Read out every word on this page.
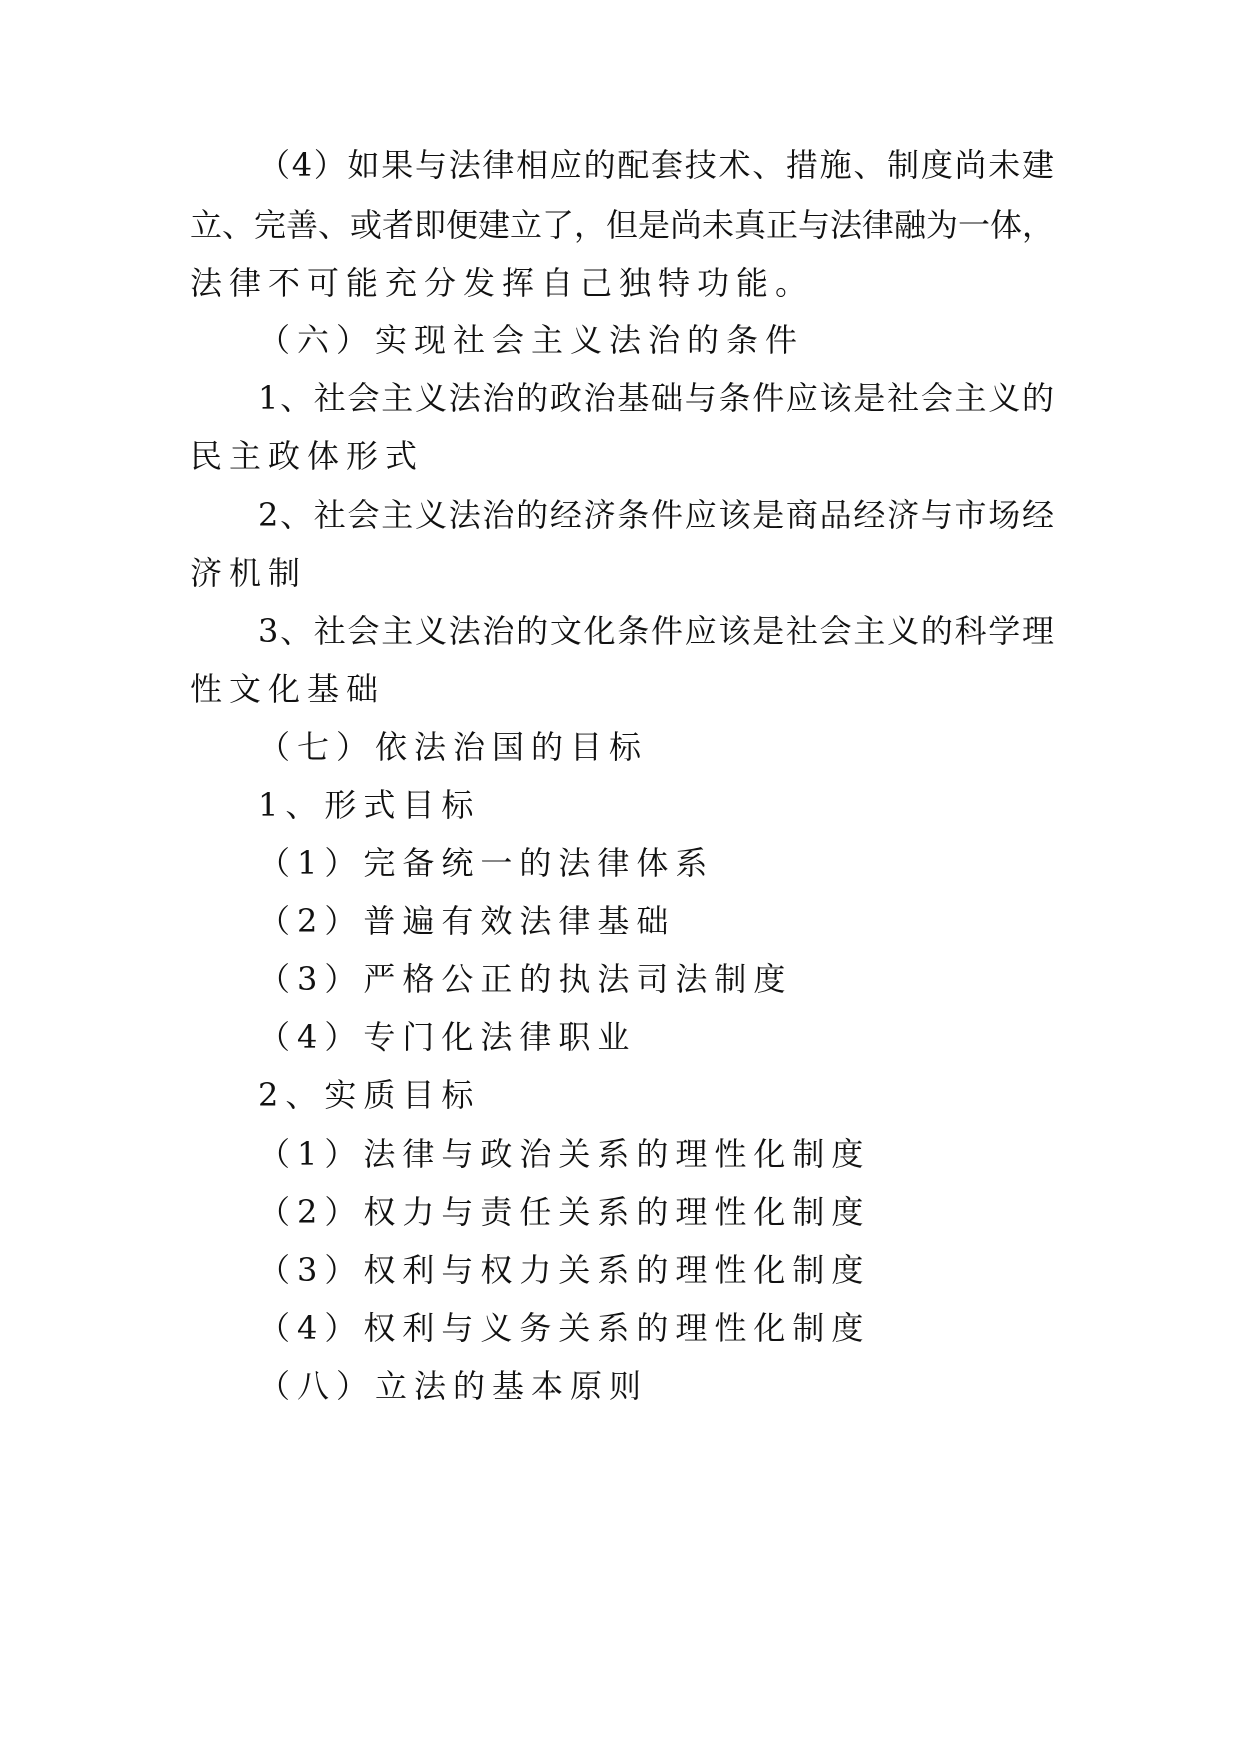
（4）如果与法律相应的配套技术、措施、制度尚未建
立、完善、或者即便建立了，但是尚未真正与法律融为一体，
法律不可能充分发挥自己独特功能。
（六）实现社会主义法治的条件
1、社会主义法治的政治基础与条件应该是社会主义的
民主政体形式
2、社会主义法治的经济条件应该是商品经济与市场经
济机制
3、社会主义法治的文化条件应该是社会主义的科学理
性文化基础
（七）依法治国的目标
1、形式目标
（1）完备统一的法律体系
（2）普遍有效法律基础
（3）严格公正的执法司法制度
（4）专门化法律职业
2、实质目标
（1）法律与政治关系的理性化制度
（2）权力与责任关系的理性化制度
（3）权利与权力关系的理性化制度
（4）权利与义务关系的理性化制度
（八）立法的基本原则
